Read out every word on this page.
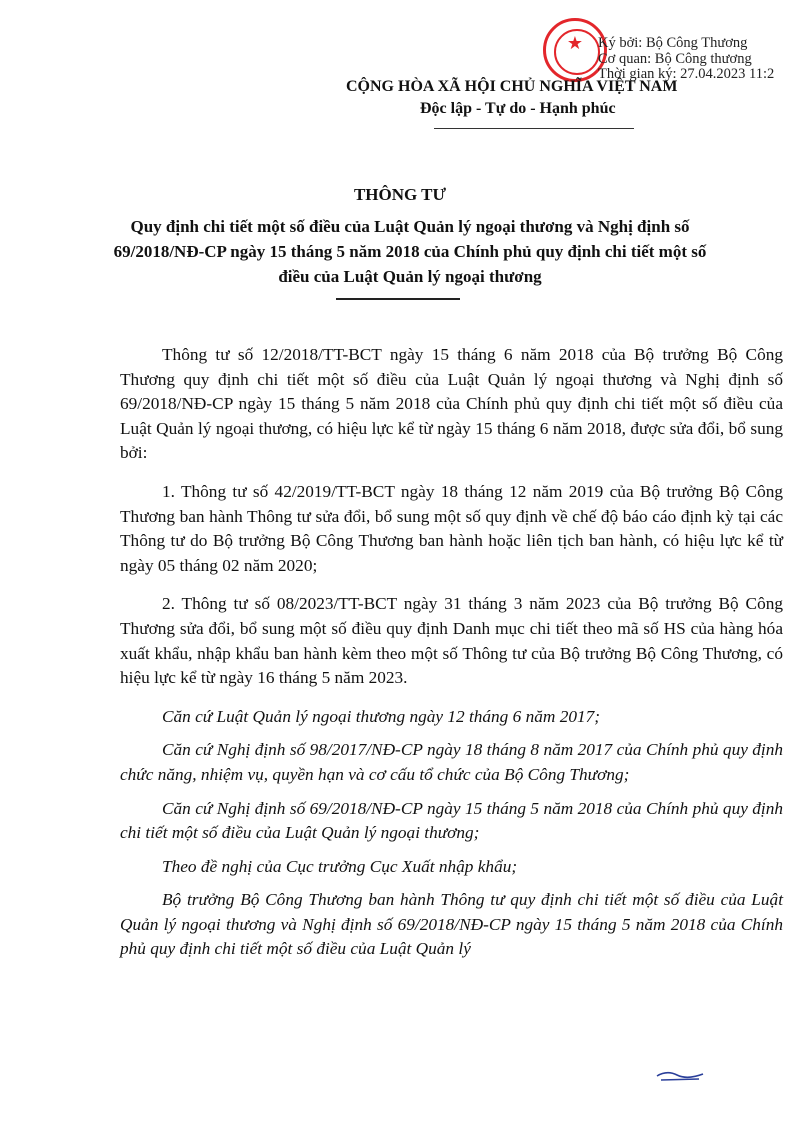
★	Ký bởi: Bộ Công Thương
Cơ quan: Bộ Công thương
Thời gian ký: 27.04.2023 11:2
CỘNG HÒA XÃ HỘI CHỦ NGHĨA VIỆT NAM
Độc lập - Tự do - Hạnh phúc
THÔNG TƯ
Quy định chi tiết một số điều của Luật Quản lý ngoại thương và Nghị định số 69/2018/NĐ-CP ngày 15 tháng 5 năm 2018 của Chính phủ quy định chi tiết một số điều của Luật Quản lý ngoại thương

Thông tư số 12/2018/TT-BCT ngày 15 tháng 6 năm 2018 của Bộ trưởng Bộ Công Thương quy định chi tiết một số điều của Luật Quản lý ngoại thương và Nghị định số 69/2018/NĐ-CP ngày 15 tháng 5 năm 2018 của Chính phủ quy định chi tiết một số điều của Luật Quản lý ngoại thương, có hiệu lực kể từ ngày 15 tháng 6 năm 2018, được sửa đổi, bổ sung bởi:

1. Thông tư số 42/2019/TT-BCT ngày 18 tháng 12 năm 2019 của Bộ trưởng Bộ Công Thương ban hành Thông tư sửa đổi, bổ sung một số quy định về chế độ báo cáo định kỳ tại các Thông tư do Bộ trưởng Bộ Công Thương ban hành hoặc liên tịch ban hành, có hiệu lực kể từ ngày 05 tháng 02 năm 2020;

2. Thông tư số 08/2023/TT-BCT ngày 31 tháng 3 năm 2023 của Bộ trưởng Bộ Công Thương sửa đổi, bổ sung một số điều quy định Danh mục chi tiết theo mã số HS của hàng hóa xuất khẩu, nhập khẩu ban hành kèm theo một số Thông tư của Bộ trưởng Bộ Công Thương, có hiệu lực kể từ ngày 16 tháng 5 năm 2023.

Căn cứ Luật Quản lý ngoại thương ngày 12 tháng 6 năm 2017;

Căn cứ Nghị định số 98/2017/NĐ-CP ngày 18 tháng 8 năm 2017 của Chính phủ quy định chức năng, nhiệm vụ, quyền hạn và cơ cấu tổ chức của Bộ Công Thương;

Căn cứ Nghị định số 69/2018/NĐ-CP ngày 15 tháng 5 năm 2018 của Chính phủ quy định chi tiết một số điều của Luật Quản lý ngoại thương;

Theo đề nghị của Cục trưởng Cục Xuất nhập khẩu;

Bộ trưởng Bộ Công Thương ban hành Thông tư quy định chi tiết một số điều của Luật Quản lý ngoại thương và Nghị định số 69/2018/NĐ-CP ngày 15 tháng 5 năm 2018 của Chính phủ quy định chi tiết một số điều của Luật Quản lý
